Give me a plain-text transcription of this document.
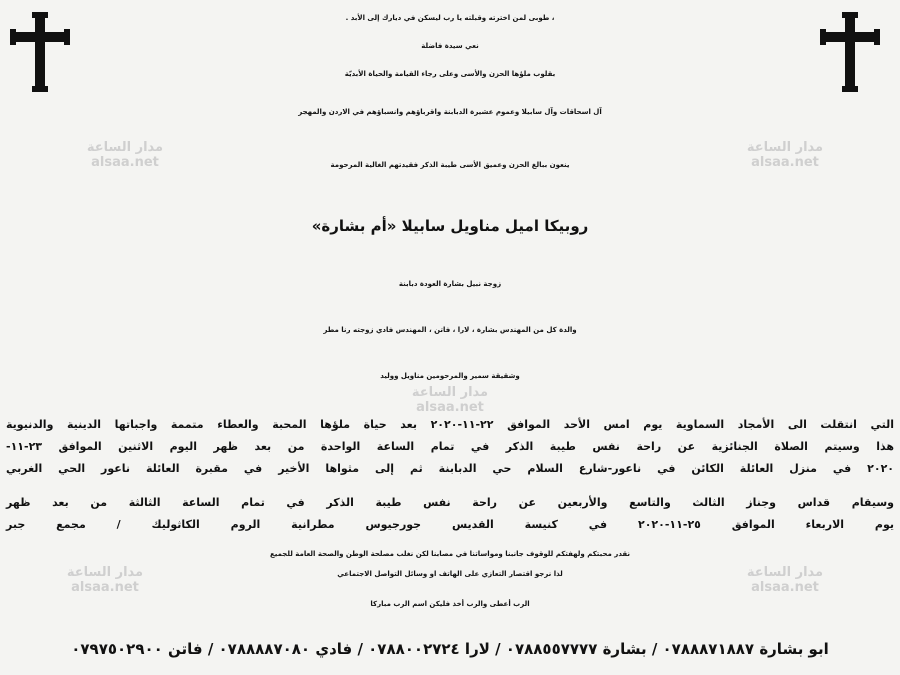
مدار الساعة
alsaa.net
مدار الساعة
alsaa.net
مدار الساعة
alsaa.net
مدار الساعة
alsaa.net
مدار الساعة
alsaa.net
، طوبى لمن اخترته وقبلته يا رب ليسكن في ديارك إلى الأبد .
نعي سيدة فاضلة
بقلوب ملؤها الحزن والأسى وعلى رجاء القيامة والحياة الأبديّة
آل اسحاقات وآل سابيلا وعموم عشيرة الدبابنة واقرباؤهم وانسباؤهم في الاردن والمهجر
ينعون ببالغ الحزن وعميق الأسى طيبة الذكر فقيدتهم الغالية المرحومة
روبيكا اميل مناويل سابيلا «أم بشارة»
زوجة نبيل بشارة العودة دبابنة
والدة كل من المهندس بشارة ، لارا ، فاتن ، المهندس فادي زوجته رنا مطر
وشقيقة سمير والمرحومين مناويل ووليد
التي انتقلت الى الأمجاد السماوية يوم امس الأحد الموافق ٢٢-١١-٢٠٢٠ بعد حياة ملؤها المحبة والعطاء متممة واجباتها الدينية والدنيوية
هذا وسيتم الصلاة الجنائزية عن راحة نفس طيبة الذكر في تمام الساعة الواحدة من بعد ظهر اليوم الاثنين الموافق ٢٣-١١-
٢٠٢٠ في منزل العائلة الكائن في ناعور-شارع السلام حي الدبابنة ثم إلى مثواها الأخير في مقبرة العائلة ناعور الحي الغربي
وسيقام قداس وجناز الثالث والتاسع والأربعين عن راحة نفس طيبة الذكر في تمام الساعة الثالثة من بعد ظهر
يوم الاربعاء الموافق ٢٥-١١-٢٠٢٠ في كنيسة القديس جورجيوس مطرانية الروم الكاثوليك / مجمع جبر
نقدر محبتكم ولهفتكم للوقوف جانبنا ومواساتنا في مصابنا لكن نغلب مصلحة الوطن والصحة العامة للجميع
لذا نرجو اقتصار التعازي على الهاتف او وسائل التواصل الاجتماعي
الرب أعطى والرب أخذ فليكن اسم الرب مباركا
ابو بشارة ٠٧٨٨٨٧١٨٨٧ / بشارة ٠٧٨٨٥٥٧٧٧٧ / لارا ٠٧٨٨٠٠٢٧٢٤ / فادي ٠٧٨٨٨٨٧٠٨٠ / فاتن ٠٧٩٧٥٠٢٩٠٠
